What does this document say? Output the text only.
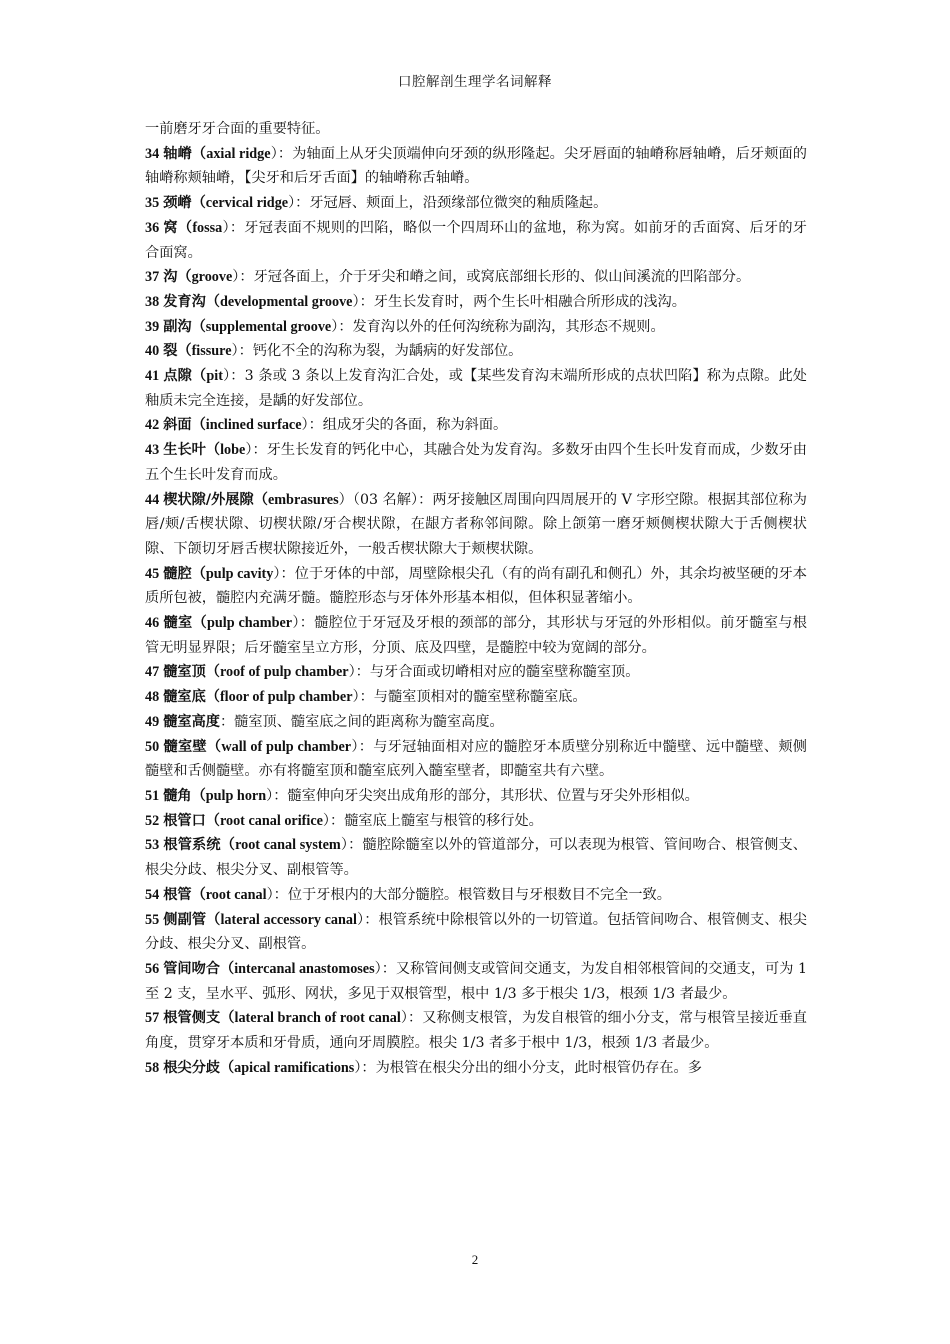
口腔解剖生理学名词解释

一前磨牙牙合面的重要特征。

34 轴嵴（axial ridge）：为轴面上从牙尖顶端伸向牙颈的纵形隆起。尖牙唇面的轴嵴称唇轴嵴，后牙颊面的轴嵴称颊轴嵴，【尖牙和后牙舌面】的轴嵴称舌轴嵴。

35 颈嵴（cervical ridge）：牙冠唇、颊面上，沿颈缘部位微突的釉质隆起。

36 窝（fossa）：牙冠表面不规则的凹陷，略似一个四周环山的盆地，称为窝。如前牙的舌面窝、后牙的牙合面窝。

37 沟（groove）：牙冠各面上，介于牙尖和嵴之间，或窝底部细长形的、似山间溪流的凹陷部分。

38 发育沟（developmental groove）：牙生长发育时，两个生长叶相融合所形成的浅沟。

39 副沟（supplemental groove）：发育沟以外的任何沟统称为副沟，其形态不规则。

40 裂（fissure）：钙化不全的沟称为裂，为龋病的好发部位。

41 点隙（pit）：3 条或 3 条以上发育沟汇合处，或【某些发育沟末端所形成的点状凹陷】称为点隙。此处釉质未完全连接，是龋的好发部位。

42 斜面（inclined surface）：组成牙尖的各面，称为斜面。

43 生长叶（lobe）：牙生长发育的钙化中心，其融合处为发育沟。多数牙由四个生长叶发育而成，少数牙由五个生长叶发育而成。

44 楔状隙/外展隙（embrasures）（03 名解）：两牙接触区周围向四周展开的 V 字形空隙。根据其部位称为唇/颊/舌楔状隙、切楔状隙/牙合楔状隙，在龈方者称邻间隙。除上颌第一磨牙颊侧楔状隙大于舌侧楔状隙、下颌切牙唇舌楔状隙接近外，一般舌楔状隙大于颊楔状隙。

45 髓腔（pulp cavity）：位于牙体的中部，周壁除根尖孔（有的尚有副孔和侧孔）外，其余均被坚硬的牙本质所包被，髓腔内充满牙髓。髓腔形态与牙体外形基本相似，但体积显著缩小。

46 髓室（pulp chamber）：髓腔位于牙冠及牙根的颈部的部分，其形状与牙冠的外形相似。前牙髓室与根管无明显界限；后牙髓室呈立方形，分顶、底及四壁，是髓腔中较为宽阔的部分。

47 髓室顶（roof of pulp chamber）：与牙合面或切嵴相对应的髓室壁称髓室顶。

48 髓室底（floor of pulp chamber）：与髓室顶相对的髓室壁称髓室底。

49 髓室高度：髓室顶、髓室底之间的距离称为髓室高度。

50 髓室壁（wall of pulp chamber）：与牙冠轴面相对应的髓腔牙本质壁分别称近中髓壁、远中髓壁、颊侧髓壁和舌侧髓壁。亦有将髓室顶和髓室底列入髓室壁者，即髓室共有六壁。

51 髓角（pulp horn）：髓室伸向牙尖突出成角形的部分，其形状、位置与牙尖外形相似。

52 根管口（root canal orifice）：髓室底上髓室与根管的移行处。

53 根管系统（root canal system）：髓腔除髓室以外的管道部分，可以表现为根管、管间吻合、根管侧支、根尖分歧、根尖分叉、副根管等。

54 根管（root canal）：位于牙根内的大部分髓腔。根管数目与牙根数目不完全一致。

55 侧副管（lateral accessory canal）：根管系统中除根管以外的一切管道。包括管间吻合、根管侧支、根尖分歧、根尖分叉、副根管。

56 管间吻合（intercanal anastomoses）：又称管间侧支或管间交通支，为发自相邻根管间的交通支，可为 1 至 2 支，呈水平、弧形、网状，多见于双根管型，根中 1/3 多于根尖 1/3，根颈 1/3 者最少。

57 根管侧支（lateral branch of root canal）：又称侧支根管，为发自根管的细小分支，常与根管呈接近垂直角度，贯穿牙本质和牙骨质，通向牙周膜腔。根尖 1/3 者多于根中 1/3，根颈 1/3 者最少。

58 根尖分歧（apical ramifications）：为根管在根尖分出的细小分支，此时根管仍存在。多

2
